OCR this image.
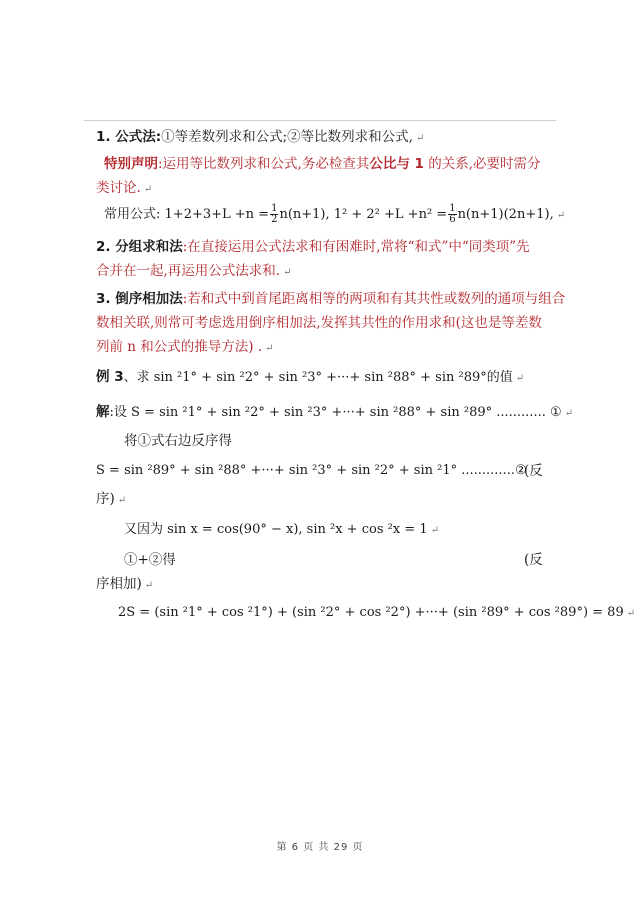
1. 公式法:①等差数列求和公式;②等比数列求和公式, ↵
特别声明:运用等比数列求和公式,务必检查其公比与 1 的关系,必要时需分
类讨论. ↵
常用公式: $1+2+3+L +n = \frac{1}{2} n(n+1)$, $1^2 + 2^2 +L +n^2 = \frac{1}{6} n(n+1)(2n+1)$, ↵
2. 分组求和法:在直接运用公式法求和有困难时,常将“和式”中“同类项”先
合并在一起,再运用公式法求和. ↵
3. 倒序相加法:若和式中到首尾距离相等的两项和有其共性或数列的通项与组合
数相关联,则常可考虑选用倒序相加法,发挥其共性的作用求和(这也是等差数
列前 n 和公式的推导方法) . ↵
例 3、求 sin ²1° + sin ²2° + sin ²3° +···+ sin ²88° + sin ²89°的值 ↵
解:设 S = sin ²1° + sin ²2° + sin ²3° +···+ sin ²88° + sin ²89° ............ ① ↵
将①式右边反序得
S = sin ²89° + sin ²88° +···+ sin ²3° + sin ²2° + sin ²1° .............②
(反
序) ↵
又因为 sin x = cos(90° − x), sin ²x + cos ²x = 1 ↵
①+②得	(反
序相加) ↵
2S = (sin ²1° + cos ²1°) + (sin ²2° + cos ²2°) +···+ (sin ²89° + cos ²89°) = 89 ↵
第 6 页 共 29 页
